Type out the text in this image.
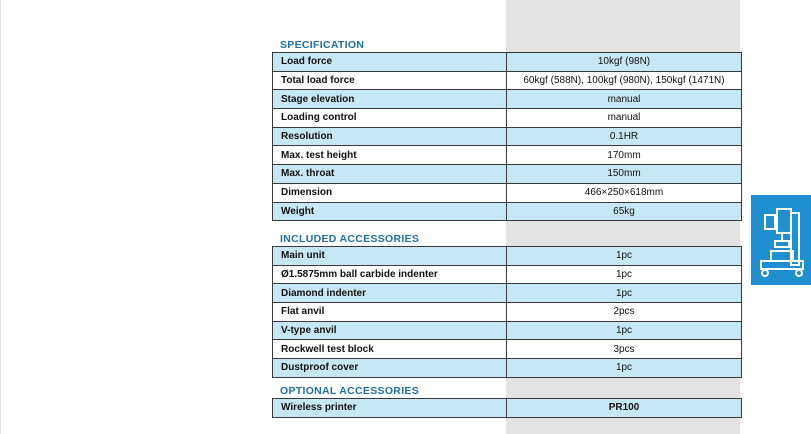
SPECIFICATION
Load force	10kgf (98N)
Total load force	60kgf (588N), 100kgf (980N), 150kgf (1471N)
Stage elevation	manual
Loading control	manual
Resolution	0.1HR
Max. test height	170mm
Max. throat	150mm
Dimension	466×250×618mm
Weight	65kg
INCLUDED ACCESSORIES
Main unit	1pc
Ø1.5875mm ball carbide indenter	1pc
Diamond indenter	1pc
Flat anvil	2pcs
V-type anvil	1pc
Rockwell test block	3pcs
Dustproof cover	1pc
OPTIONAL ACCESSORIES
Wireless printer	PR100
